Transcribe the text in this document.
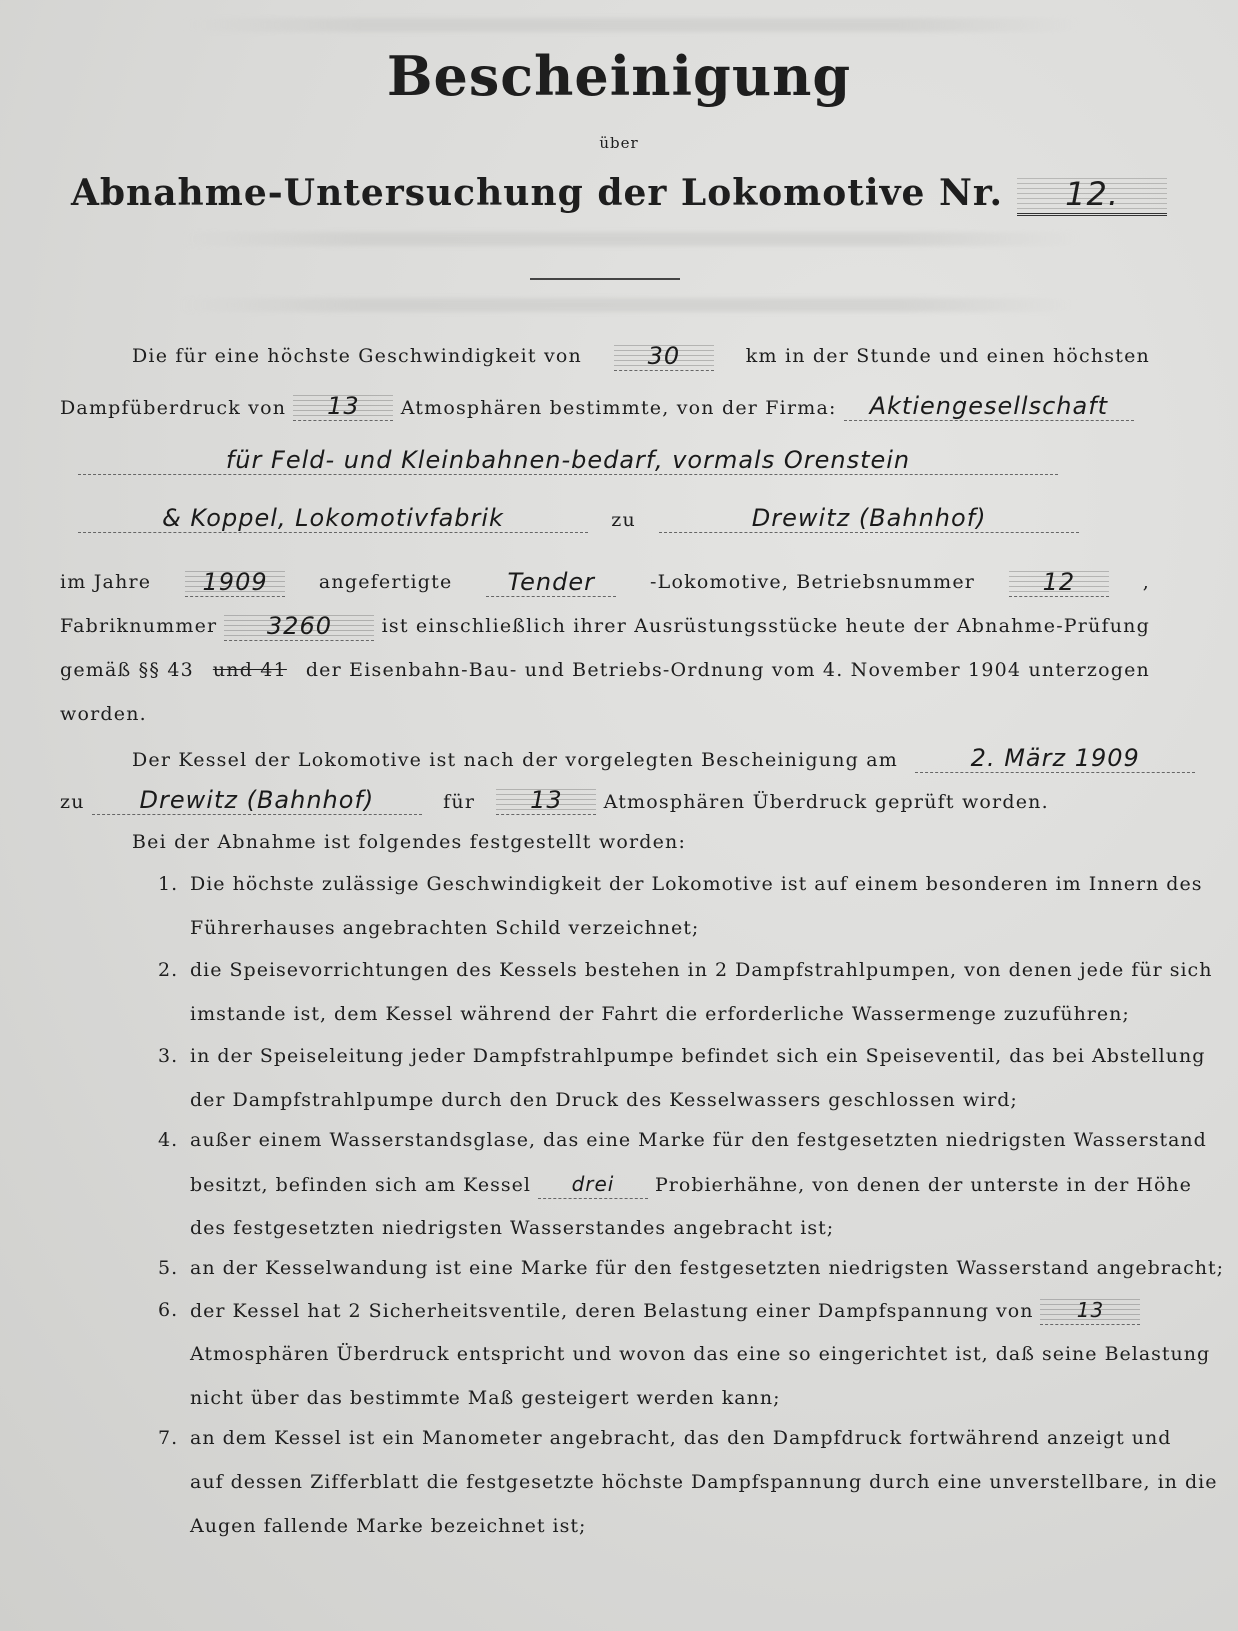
Bescheinigung
über
Abnahme-Untersuchung der Lokomotive Nr. 12.
Die für eine höchste Geschwindigkeit von	30	km in der Stunde und einen höchsten
Dampfüberdruck von 13 Atmosphären bestimmte, von der Firma: Aktiengesellschaft
für Feld- und Kleinbahnen-bedarf, vormals Orenstein
& Koppel, Lokomotivfabrik	zu	Drewitz (Bahnhof)
im Jahre	1909	angefertigte	Tender	-Lokomotive, Betriebsnummer	12	,
Fabriknummer	3260	ist einschließlich ihrer Ausrüstungsstücke heute der Abnahme-Prüfung
gemäß §§ 43 und 41 der Eisenbahn-Bau- und Betriebs-Ordnung vom 4. November 1904 unterzogen
worden.
Der Kessel der Lokomotive ist nach der vorgelegten Bescheinigung am	2. März 1909
zu Drewitz (Bahnhof)	für 13 Atmosphären Überdruck geprüft worden.
Bei der Abnahme ist folgendes festgestellt worden:
1. Die höchste zulässige Geschwindigkeit der Lokomotive ist auf einem besonderen im Innern des
Führerhauses angebrachten Schild verzeichnet;
2. die Speisevorrichtungen des Kessels bestehen in 2 Dampfstrahlpumpen, von denen jede für sich
imstande ist, dem Kessel während der Fahrt die erforderliche Wassermenge zuzuführen;
3. in der Speiseleitung jeder Dampfstrahlpumpe befindet sich ein Speiseventil, das bei Abstellung
der Dampfstrahlpumpe durch den Druck des Kesselwassers geschlossen wird;
4. außer einem Wasserstandsglase, das eine Marke für den festgesetzten niedrigsten Wasserstand
besitzt, befinden sich am Kessel drei Probierhähne, von denen der unterste in der Höhe
des festgesetzten niedrigsten Wasserstandes angebracht ist;
5. an der Kesselwandung ist eine Marke für den festgesetzten niedrigsten Wasserstand angebracht;
6. der Kessel hat 2 Sicherheitsventile, deren Belastung einer Dampfspannung von 13
Atmosphären Überdruck entspricht und wovon das eine so eingerichtet ist, daß seine Belastung
nicht über das bestimmte Maß gesteigert werden kann;
7. an dem Kessel ist ein Manometer angebracht, das den Dampfdruck fortwährend anzeigt und
auf dessen Zifferblatt die festgesetzte höchste Dampfspannung durch eine unverstellbare, in die
Augen fallende Marke bezeichnet ist;
